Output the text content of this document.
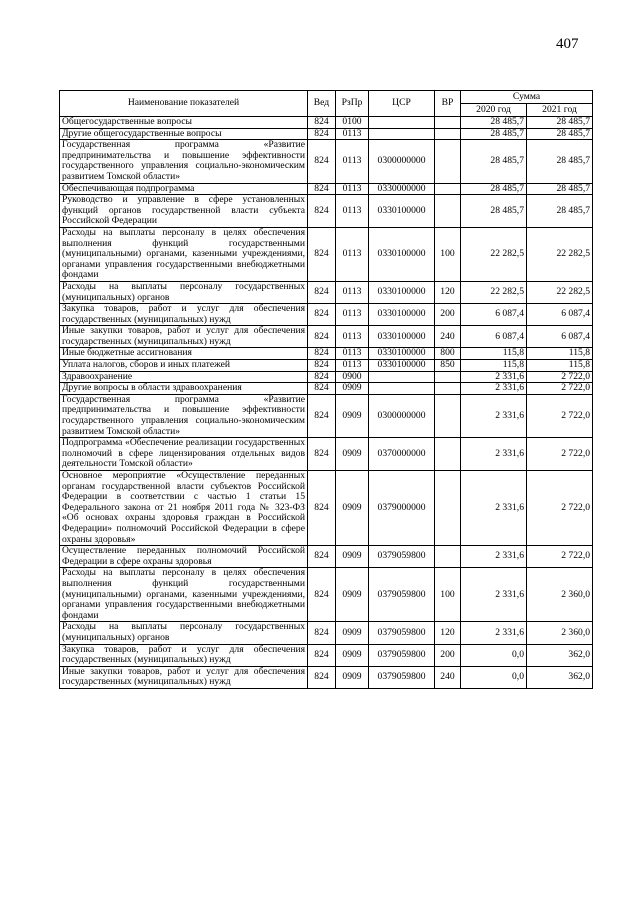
407
Наименование показателей	Вед	РзПр	ЦСР	ВР	Сумма	
					2020 год	2021 год
Общегосударственные вопросы	824	0100			28 485,7	28 485,7
Другие общегосударственные вопросы	824	0113			28 485,7	28 485,7
Государственная программа «Развитие предпринимательства и повышение эффективности государственного управления социально-экономическим развитием Томской области»	824	0113	0300000000		28 485,7	28 485,7
Обеспечивающая подпрограмма	824	0113	0330000000		28 485,7	28 485,7
Руководство и управление в сфере установленных функций органов государственной власти субъекта Российской Федерации	824	0113	0330100000		28 485,7	28 485,7
Расходы на выплаты персоналу в целях обеспечения выполнения функций государственными (муниципальными) органами, казенными учреждениями, органами управления государственными внебюджетными фондами	824	0113	0330100000	100	22 282,5	22 282,5
Расходы на выплаты персоналу государственных (муниципальных) органов	824	0113	0330100000	120	22 282,5	22 282,5
Закупка товаров, работ и услуг для обеспечения государственных (муниципальных) нужд	824	0113	0330100000	200	6 087,4	6 087,4
Иные закупки товаров, работ и услуг для обеспечения государственных (муниципальных) нужд	824	0113	0330100000	240	6 087,4	6 087,4
Иные бюджетные ассигнования	824	0113	0330100000	800	115,8	115,8
Уплата налогов, сборов и иных платежей	824	0113	0330100000	850	115,8	115,8
Здравоохранение	824	0900			2 331,6	2 722,0
Другие вопросы в области здравоохранения	824	0909			2 331,6	2 722,0
Государственная программа «Развитие предпринимательства и повышение эффективности государственного управления социально-экономическим развитием Томской области»	824	0909	0300000000		2 331,6	2 722,0
Подпрограмма «Обеспечение реализации государственных полномочий в сфере лицензирования отдельных видов деятельности Томской области»	824	0909	0370000000		2 331,6	2 722,0
Основное мероприятие «Осуществление переданных органам государственной власти субъектов Российской Федерации в соответствии с частью 1 статьи 15 Федерального закона от 21 ноября 2011 года № 323-ФЗ «Об основах охраны здоровья граждан в Российской Федерации» полномочий Российской Федерации в сфере охраны здоровья»	824	0909	0379000000		2 331,6	2 722,0
Осуществление переданных полномочий Российской Федерации в сфере охраны здоровья	824	0909	0379059800		2 331,6	2 722,0
Расходы на выплаты персоналу в целях обеспечения выполнения функций государственными (муниципальными) органами, казенными учреждениями, органами управления государственными внебюджетными фондами	824	0909	0379059800	100	2 331,6	2 360,0
Расходы на выплаты персоналу государственных (муниципальных) органов	824	0909	0379059800	120	2 331,6	2 360,0
Закупка товаров, работ и услуг для обеспечения государственных (муниципальных) нужд	824	0909	0379059800	200	0,0	362,0
Иные закупки товаров, работ и услуг для обеспечения государственных (муниципальных) нужд	824	0909	0379059800	240	0,0	362,0
